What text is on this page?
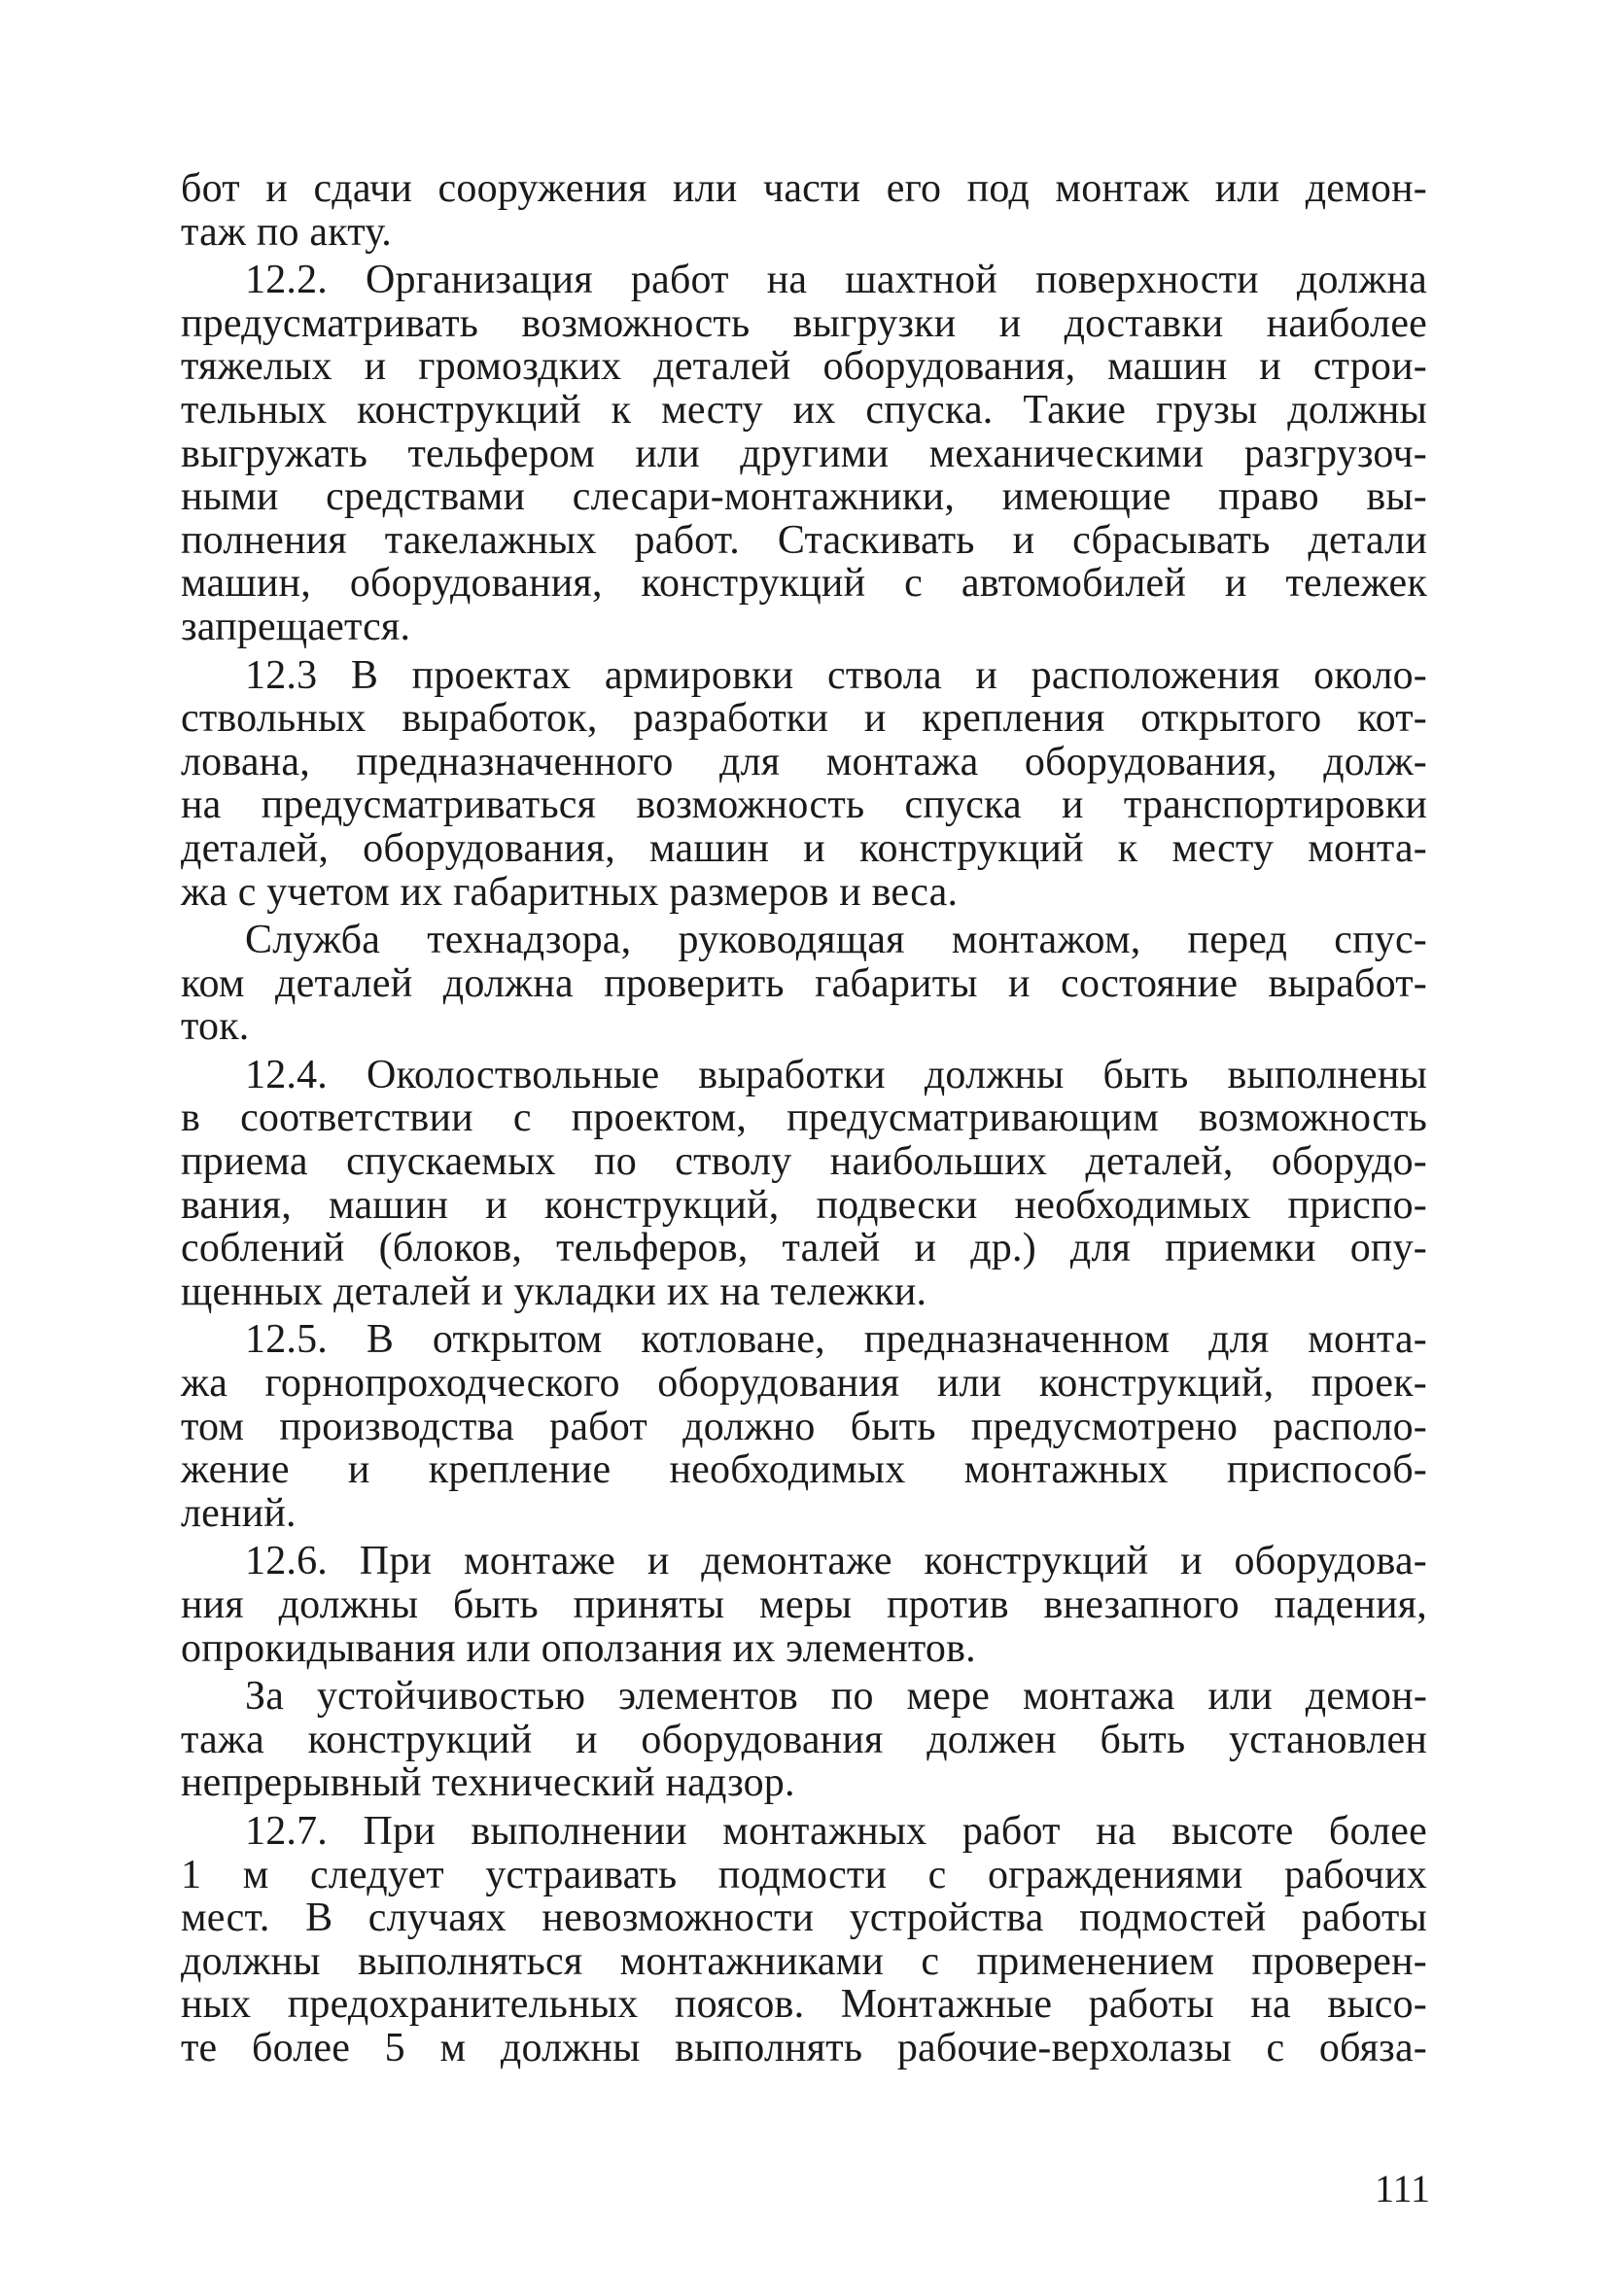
бот и сдачи сооружения или части его под монтаж или демон-
таж по акту.
12.2. Организация работ на шахтной поверхности должна
предусматривать возможность выгрузки и доставки наиболее
тяжелых и громоздких деталей оборудования, машин и строи-
тельных конструкций к месту их спуска. Такие грузы должны
выгружать тельфером или другими механическими разгрузоч-
ными средствами слесари-монтажники, имеющие право вы-
полнения такелажных работ. Стаскивать и сбрасывать детали
машин, оборудования, конструкций с автомобилей и тележек
запрещается.
12.3 В проектах армировки ствола и расположения около-
ствольных выработок, разработки и крепления открытого кот-
лована, предназначенного для монтажа оборудования, долж-
на предусматриваться возможность спуска и транспортировки
деталей, оборудования, машин и конструкций к месту монта-
жа с учетом их габаритных размеров и веса.
Служба технадзора, руководящая монтажом, перед спус-
ком деталей должна проверить габариты и состояние выработ-
ток.
12.4. Околоствольные выработки должны быть выполнены
в соответствии с проектом, предусматривающим возможность
приема спускаемых по стволу наибольших деталей, оборудо-
вания, машин и конструкций, подвески необходимых приспо-
соблений (блоков, тельферов, талей и др.) для приемки опу-
щенных деталей и укладки их на тележки.
12.5. В открытом котловане, предназначенном для монта-
жа горнопроходческого оборудования или конструкций, проек-
том производства работ должно быть предусмотрено располо-
жение и крепление необходимых монтажных приспособ-
лений.
12.6. При монтаже и демонтаже конструкций и оборудова-
ния должны быть приняты меры против внезапного падения,
опрокидывания или оползания их элементов.
За устойчивостью элементов по мере монтажа или демон-
тажа конструкций и оборудования должен быть установлен
непрерывный технический надзор.
12.7. При выполнении монтажных работ на высоте более
1 м следует устраивать подмости с ограждениями рабочих
мест. В случаях невозможности устройства подмостей работы
должны выполняться монтажниками с применением проверен-
ных предохранительных поясов. Монтажные работы на высо-
те более 5 м должны выполнять рабочие-верхолазы с обяза-
111
